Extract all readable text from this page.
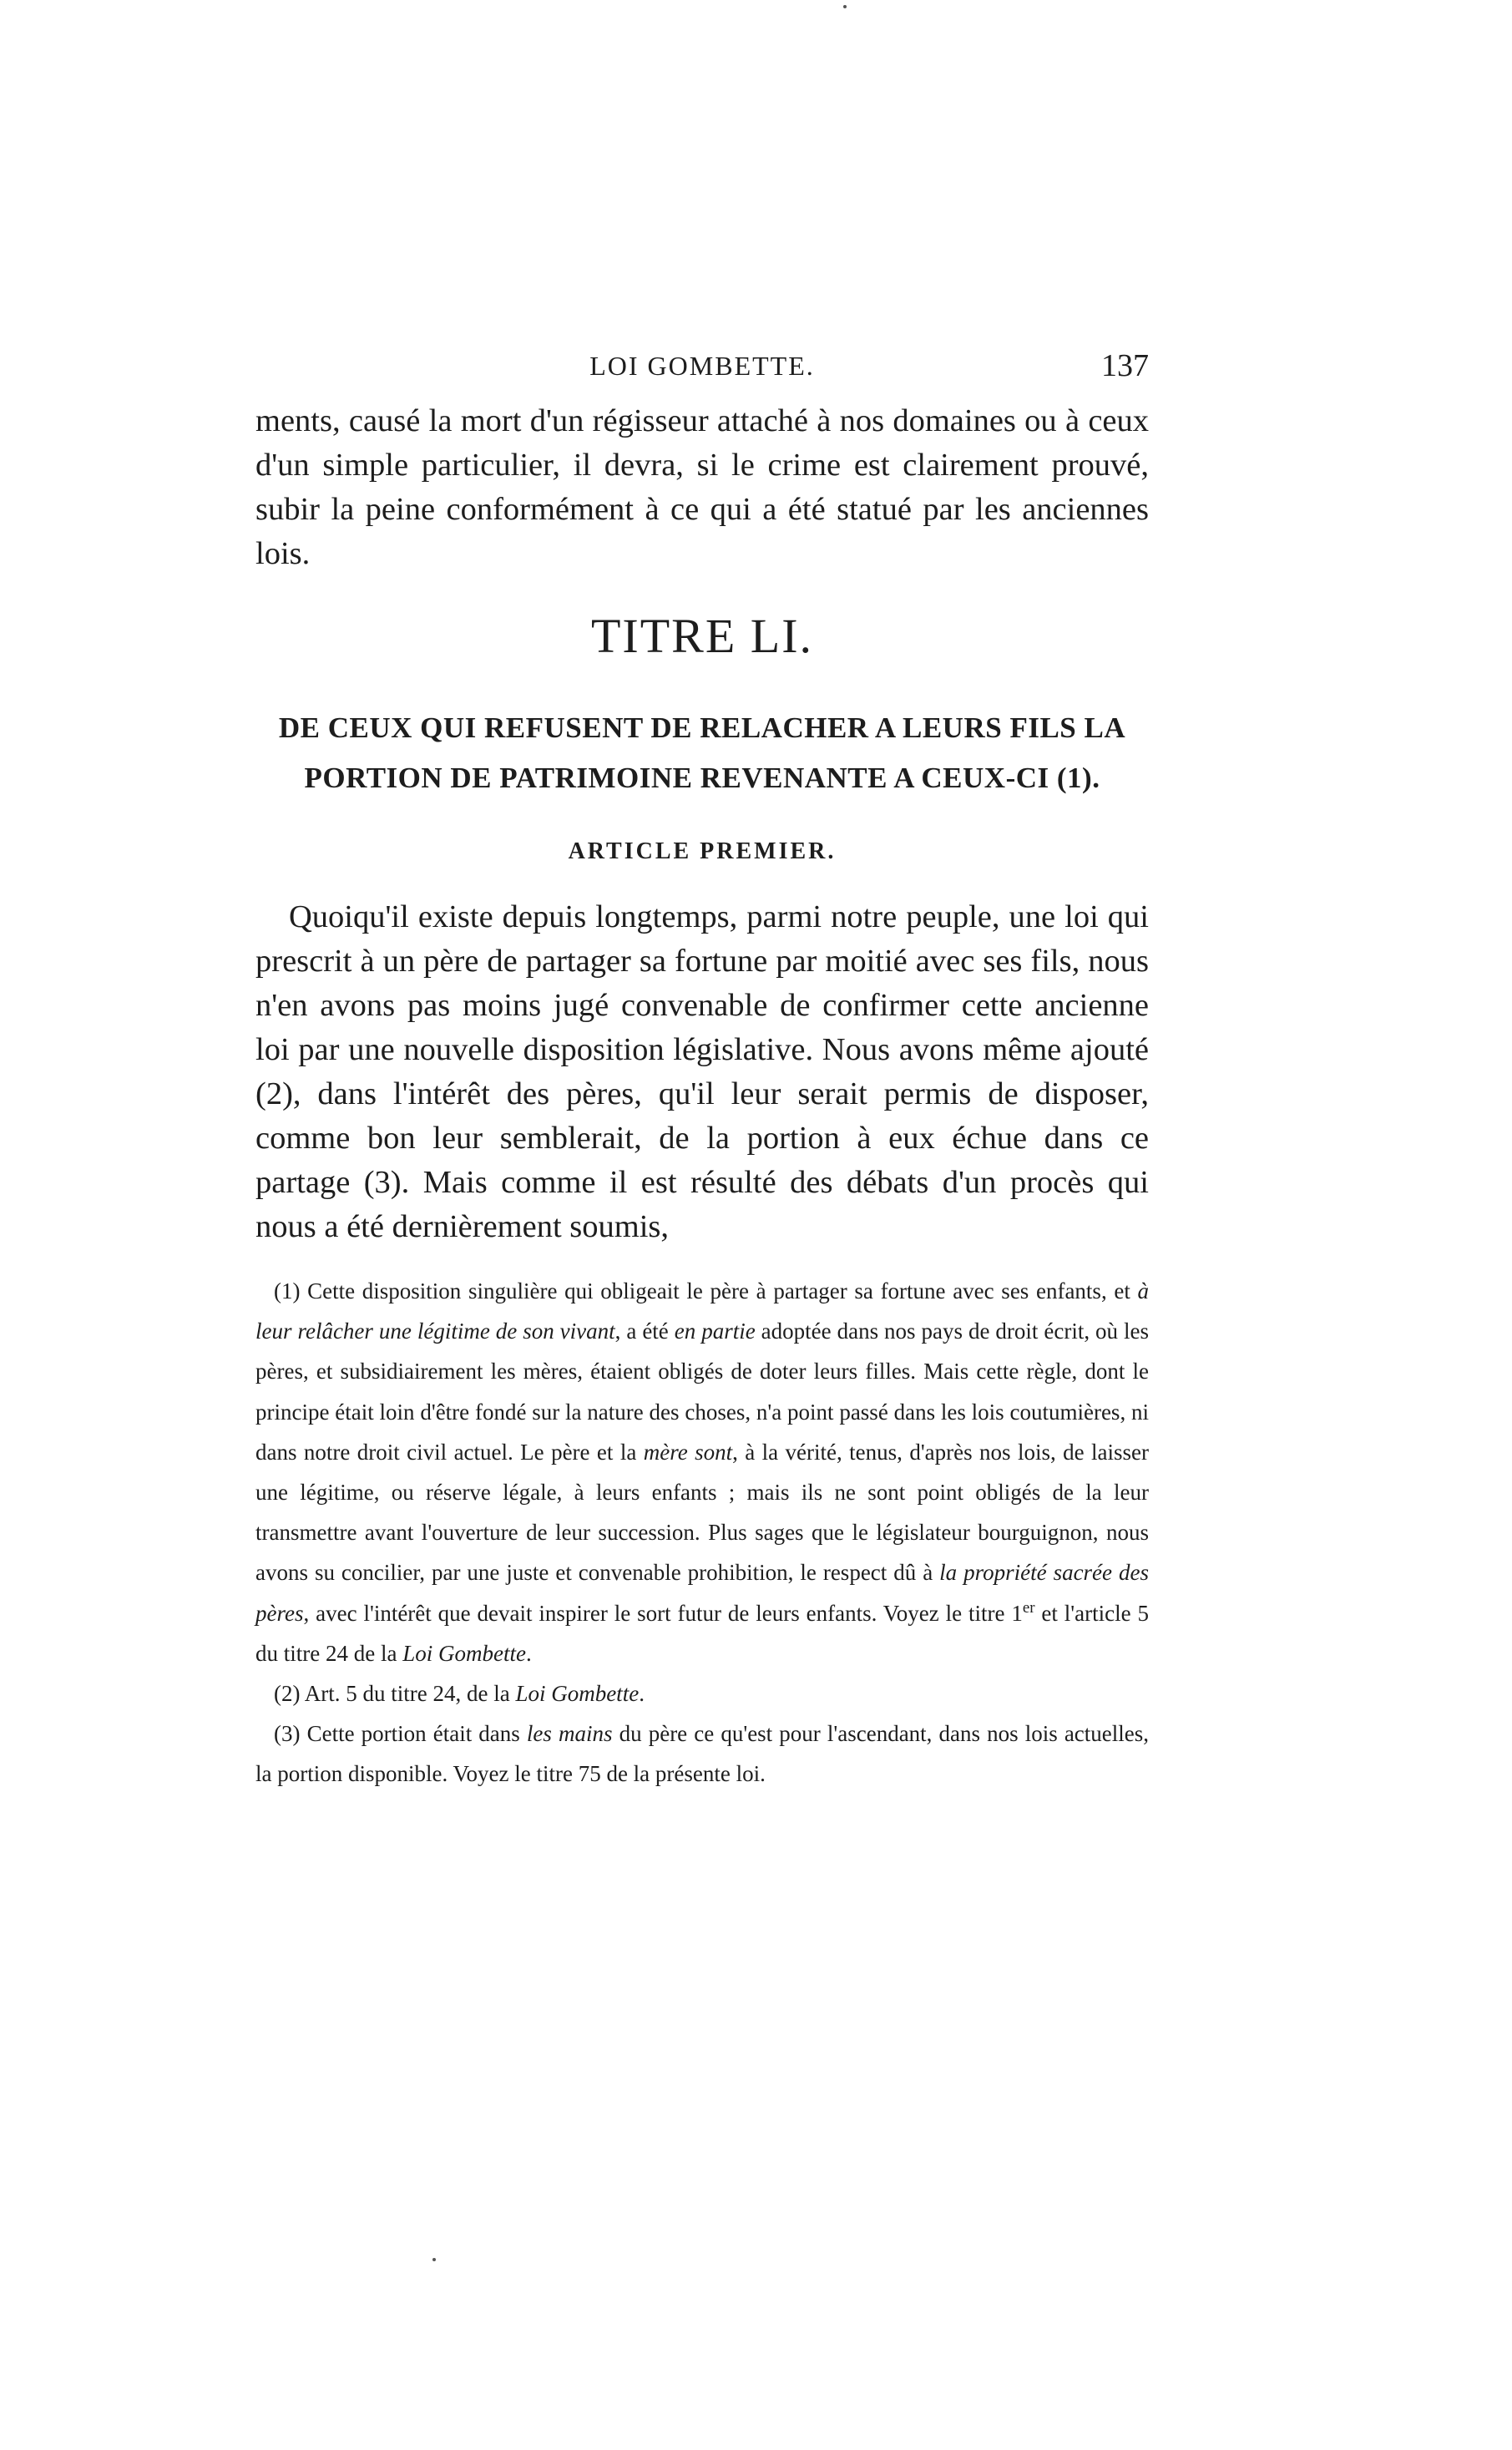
LOI GOMBETTE.	137

ments, causé la mort d'un régisseur attaché à nos domaines ou à ceux d'un simple particulier, il devra, si le crime est clairement prouvé, subir la peine conformément à ce qui a été statué par les anciennes lois.

TITRE LI.
DE CEUX QUI REFUSENT DE RELACHER A LEURS FILS LA
PORTION DE PATRIMOINE REVENANTE A CEUX-CI (1).
ARTICLE PREMIER.

Quoiqu'il existe depuis longtemps, parmi notre peuple, une loi qui prescrit à un père de partager sa fortune par moitié avec ses fils, nous n'en avons pas moins jugé convenable de confirmer cette ancienne loi par une nouvelle disposition législative. Nous avons même ajouté (2), dans l'intérêt des pères, qu'il leur serait permis de disposer, comme bon leur semblerait, de la portion à eux échue dans ce partage (3). Mais comme il est résulté des débats d'un procès qui nous a été dernièrement soumis,

(1) Cette disposition singulière qui obligeait le père à partager sa fortune avec ses enfants, et à leur relâcher une légitime de son vivant, a été en partie adoptée dans nos pays de droit écrit, où les pères, et subsidiairement les mères, étaient obligés de doter leurs filles. Mais cette règle, dont le principe était loin d'être fondé sur la nature des choses, n'a point passé dans les lois coutumières, ni dans notre droit civil actuel. Le père et la mère sont, à la vérité, tenus, d'après nos lois, de laisser une légitime, ou réserve légale, à leurs enfants ; mais ils ne sont point obligés de la leur transmettre avant l'ouverture de leur succession. Plus sages que le législateur bourguignon, nous avons su concilier, par une juste et convenable prohibition, le respect dû à la propriété sacrée des pères, avec l'intérêt que devait inspirer le sort futur de leurs enfants. Voyez le titre 1er et l'article 5 du titre 24 de la Loi Gombette.

(2) Art. 5 du titre 24, de la Loi Gombette.

(3) Cette portion était dans les mains du père ce qu'est pour l'ascendant, dans nos lois actuelles, la portion disponible. Voyez le titre 75 de la présente loi.
